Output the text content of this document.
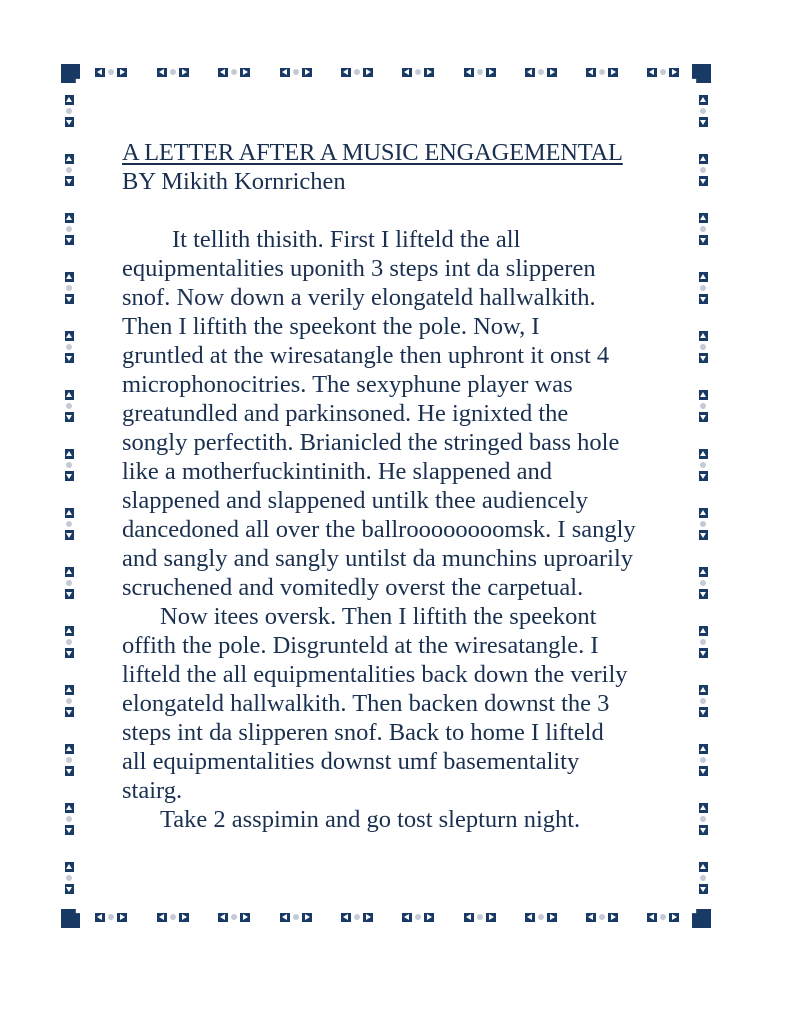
A LETTER AFTER A MUSIC ENGAGEMENTAL
BY Mikith Kornrichen
It tellith thisith. First I lifteld the all
equipmentalities uponith 3 steps int da slipperen
snof. Now down a verily elongateld hallwalkith.
Then I liftith the speekont the pole. Now, I
gruntled at the wiresatangle then uphront it onst 4
microphonocitries. The sexyphune player was
greatundled and parkinsoned. He ignixted the
songly perfectith. Brianicled the stringed bass hole
like a motherfuckintinith. He slappened and
slappened and slappened untilk thee audiencely
dancedoned all over the ballroooooooomsk. I sangly
and sangly and sangly untilst da munchins uproarily
scruchened and vomitedly overst the carpetual.
Now itees oversk. Then I liftith the speekont
offith the pole. Disgrunteld at the wiresatangle. I
lifteld the all equipmentalities back down the verily
elongateld hallwalkith. Then backen downst the 3
steps int da slipperen snof. Back to home I lifteld
all equipmentalities downst umf basementality
stairg.
Take 2 asspimin and go tost slepturn night.
